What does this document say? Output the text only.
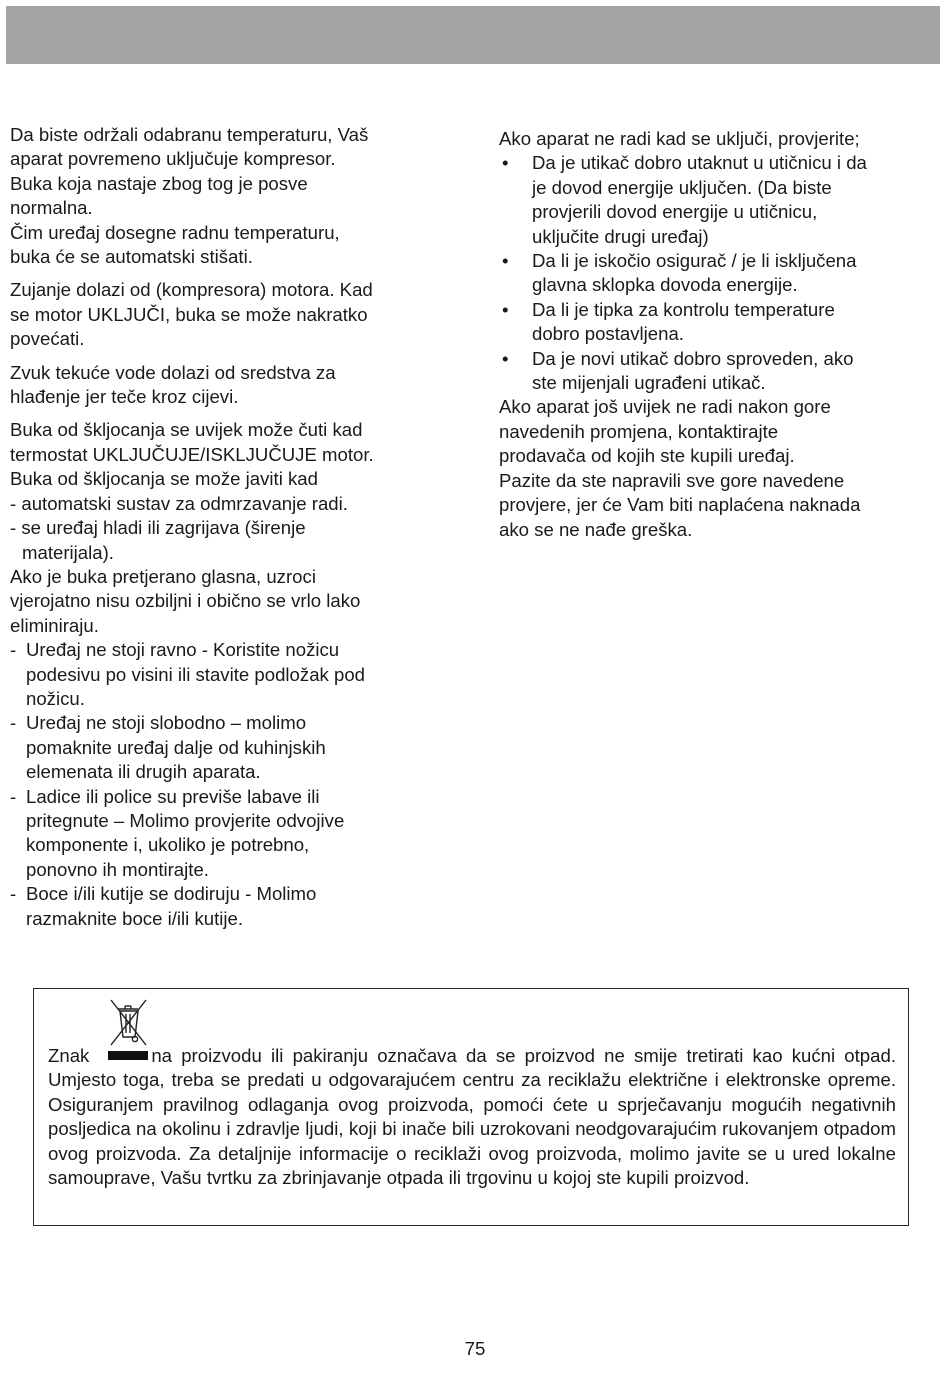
Da biste održali odabranu temperaturu, Vaš

aparat povremeno uključuje kompresor.

Buka koja nastaje zbog tog je posve

normalna.

Čim uređaj dosegne radnu temperaturu,

buka će se automatski stišati.

Zujanje dolazi od (kompresora) motora. Kad

se motor UKLJUČI, buka se može nakratko

povećati.

Zvuk tekuće vode dolazi od sredstva za

hlađenje jer teče kroz cijevi.

Buka od škljocanja se uvijek može čuti kad

termostat UKLJUČUJE/ISKLJUČUJE motor.

Buka od škljocanja se može javiti kad

- automatski sustav za odmrzavanje radi.

- se uređaj hladi ili zagrijava (širenje

materijala).

Ako je buka pretjerano glasna, uzroci

vjerojatno nisu ozbiljni i obično se vrlo lako

eliminiraju.

- Uređaj ne stoji ravno - Koristite nožicu

podesivu po visini ili stavite podložak pod

nožicu.

- Uređaj ne stoji slobodno – molimo

pomaknite uređaj dalje od kuhinjskih

elemenata ili drugih aparata.

- Ladice ili police su previše labave ili

pritegnute – Molimo provjerite odvojive

komponente i, ukoliko je potrebno,

ponovno ih montirajte.

- Boce i/ili kutije se dodiruju - Molimo

razmaknite boce i/ili kutije.

Ako aparat ne radi kad se uključi, provjerite;

• Da je utikač dobro utaknut u utičnicu i da

je dovod energije uključen. (Da biste

provjerili dovod energije u utičnicu,

uključite drugi uređaj)

• Da li je iskočio osigurač / je li isključena

glavna sklopka dovoda energije.

• Da li je tipka za kontrolu temperature

dobro postavljena.

• Da je novi utikač dobro sproveden, ako

ste mijenjali ugrađeni utikač.

Ako aparat još uvijek ne radi nakon gore

navedenih promjena, kontaktirajte

prodavača od kojih ste kupili uređaj.

Pazite da ste napravili sve gore navedene

provjere, jer će Vam biti naplaćena naknada

ako se ne nađe greška.

Znak	na proizvodu ili pakiranju označava da se proizvod ne smije tretirati kao kućni otpad. Umjesto toga, treba se predati u odgovarajućem centru za reciklažu električne i elektronske opreme. Osiguranjem pravilnog odlaganja ovog proizvoda, pomoći ćete u sprječavanju mogućih negativnih posljedica na okolinu i zdravlje ljudi, koji bi inače bili uzrokovani neodgovarajućim rukovanjem otpadom ovog proizvoda. Za detaljnije informacije o reciklaži ovog proizvoda, molimo javite se u ured lokalne samouprave, Vašu tvrtku za zbrinjavanje otpada ili trgovinu u kojoj ste kupili proizvod.
75
